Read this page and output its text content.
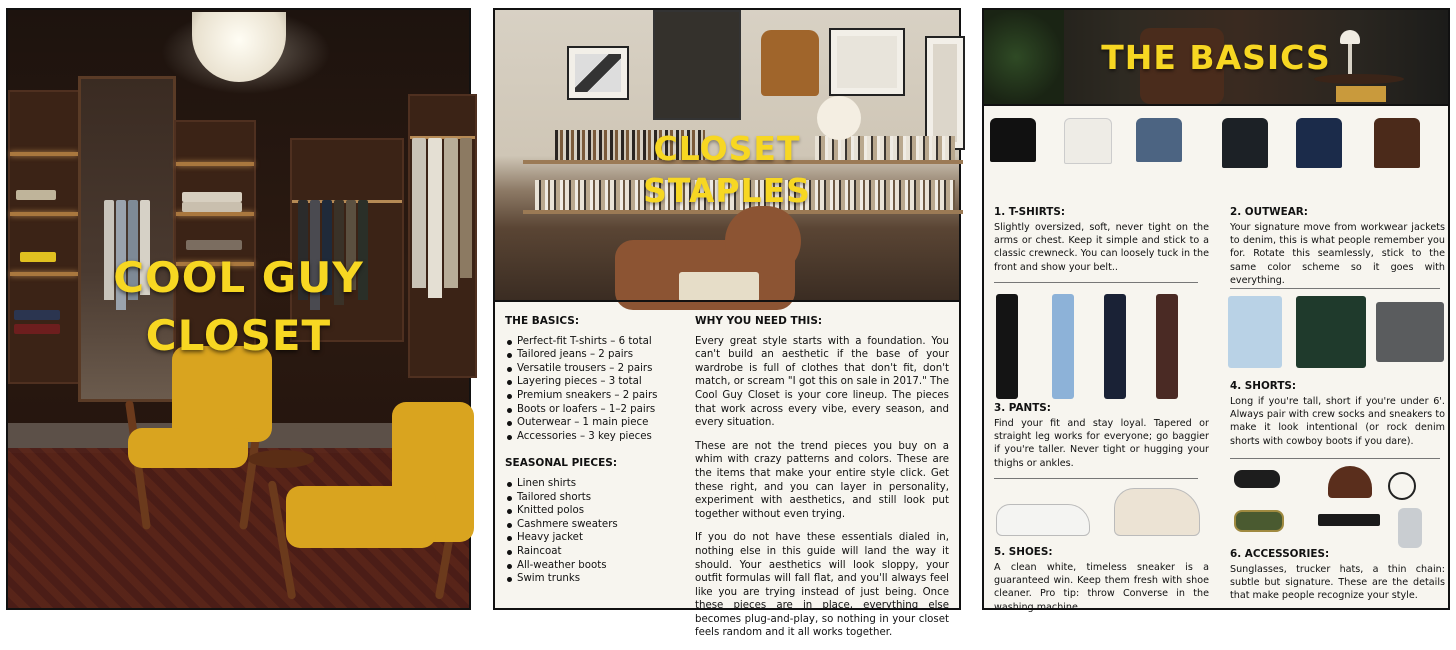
COOL GUY
CLOSET
CLOSET
STAPLES
THE BASICS:
Perfect-fit T-shirts – 6 total
Tailored jeans – 2 pairs
Versatile trousers – 2 pairs
Layering pieces – 3 total
Premium sneakers – 2 pairs
Boots or loafers – 1–2 pairs
Outerwear – 1 main piece
Accessories – 3 key pieces
SEASONAL PIECES:
Linen shirts
Tailored shorts
Knitted polos
Cashmere sweaters
Heavy jacket
Raincoat
All-weather boots
Swim trunks
WHY YOU NEED THIS:

Every great style starts with a foundation. You can't build an aesthetic if the base of your wardrobe is full of clothes that don't fit, don't match, or scream "I got this on sale in 2017." The Cool Guy Closet is your core lineup. The pieces that work across every vibe, every season, and every situation.

These are not the trend pieces you buy on a whim with crazy patterns and colors. These are the items that make your entire style click. Get these right, and you can layer in personality, experiment with aesthetics, and still look put together without even trying.

If you do not have these essentials dialed in, nothing else in this guide will land the way it should. Your aesthetics will look sloppy, your outfit formulas will fall flat, and you'll always feel like you are trying instead of just being. Once these pieces are in place, everything else becomes plug-and-play, so nothing in your closet feels random and it all works together.

THE BASICS
1. T-SHIRTS:

Slightly oversized, soft, never tight on the arms or chest. Keep it simple and stick to a classic crewneck. You can loosely tuck in the front and show your belt..

2. OUTWEAR:

Your signature move from workwear jackets to denim, this is what people remember you for. Rotate this seamlessly, stick to the same color scheme so it goes with everything.

3. PANTS:

Find your fit and stay loyal. Tapered or straight leg works for everyone; go baggier if you're taller. Never tight or hugging your thighs or ankles.

4. SHORTS:

Long if you're tall, short if you're under 6'. Always pair with crew socks and sneakers to make it look intentional (or rock denim shorts with cowboy boots if you dare).

5. SHOES:

A clean white, timeless sneaker is a guaranteed win. Keep them fresh with shoe cleaner. Pro tip: throw Converse in the washing machine.

6. ACCESSORIES:

Sunglasses, trucker hats, a thin chain: subtle but signature. These are the details that make people recognize your style.
